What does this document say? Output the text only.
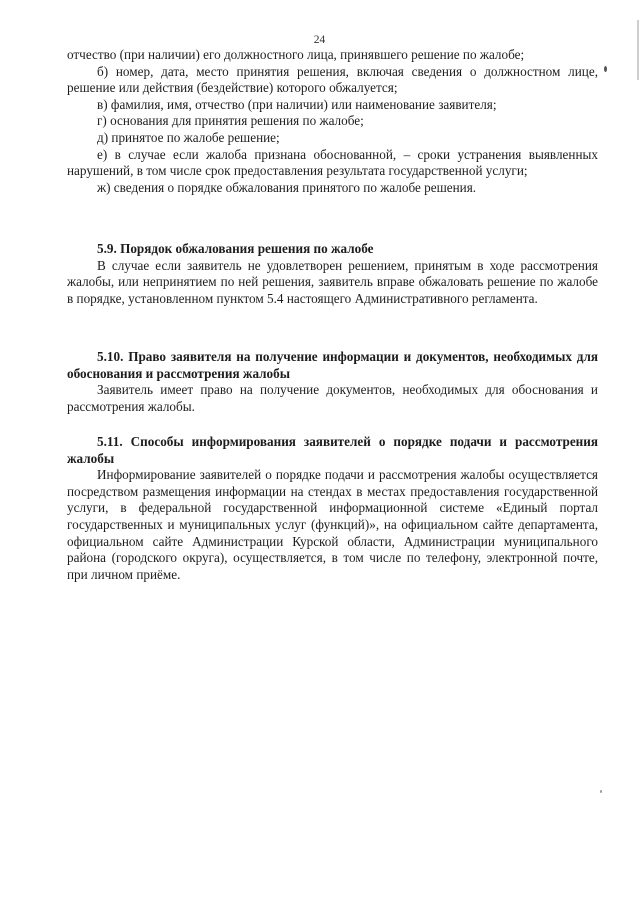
24

отчество (при наличии) его должностного лица, принявшего решение по жалобе;

б) номер, дата, место принятия решения, включая сведения о должностном лице, решение или действия (бездействие) которого обжалуется;

в) фамилия, имя, отчество (при наличии) или наименование заявителя;

г) основания для принятия решения по жалобе;

д) принятое по жалобе решение;

е) в случае если жалоба признана обоснованной, – сроки устранения выявленных нарушений, в том числе срок предоставления результата государственной услуги;

ж) сведения о порядке обжалования принятого по жалобе решения.

5.9. Порядок обжалования решения по жалобе

В случае если заявитель не удовлетворен решением, принятым в ходе рассмотрения жалобы, или непринятием по ней решения, заявитель вправе обжаловать решение по жалобе в порядке, установленном пунктом 5.4 настоящего Административного регламента.

5.10. Право заявителя на получение информации и документов, необходимых для обоснования и рассмотрения жалобы

Заявитель имеет право на получение документов, необходимых для обоснования и рассмотрения жалобы.

5.11. Способы информирования заявителей о порядке подачи и рассмотрения жалобы

Информирование заявителей о порядке подачи и рассмотрения жалобы осуществляется посредством размещения информации на стендах в местах предоставления государственной услуги, в федеральной государственной информационной системе «Единый портал государственных и муниципальных услуг (функций)», на официальном сайте департамента, официальном сайте Администрации Курской области, Администрации муниципального района (городского округа), осуществляется, в том числе по телефону, электронной почте, при личном приёме.
